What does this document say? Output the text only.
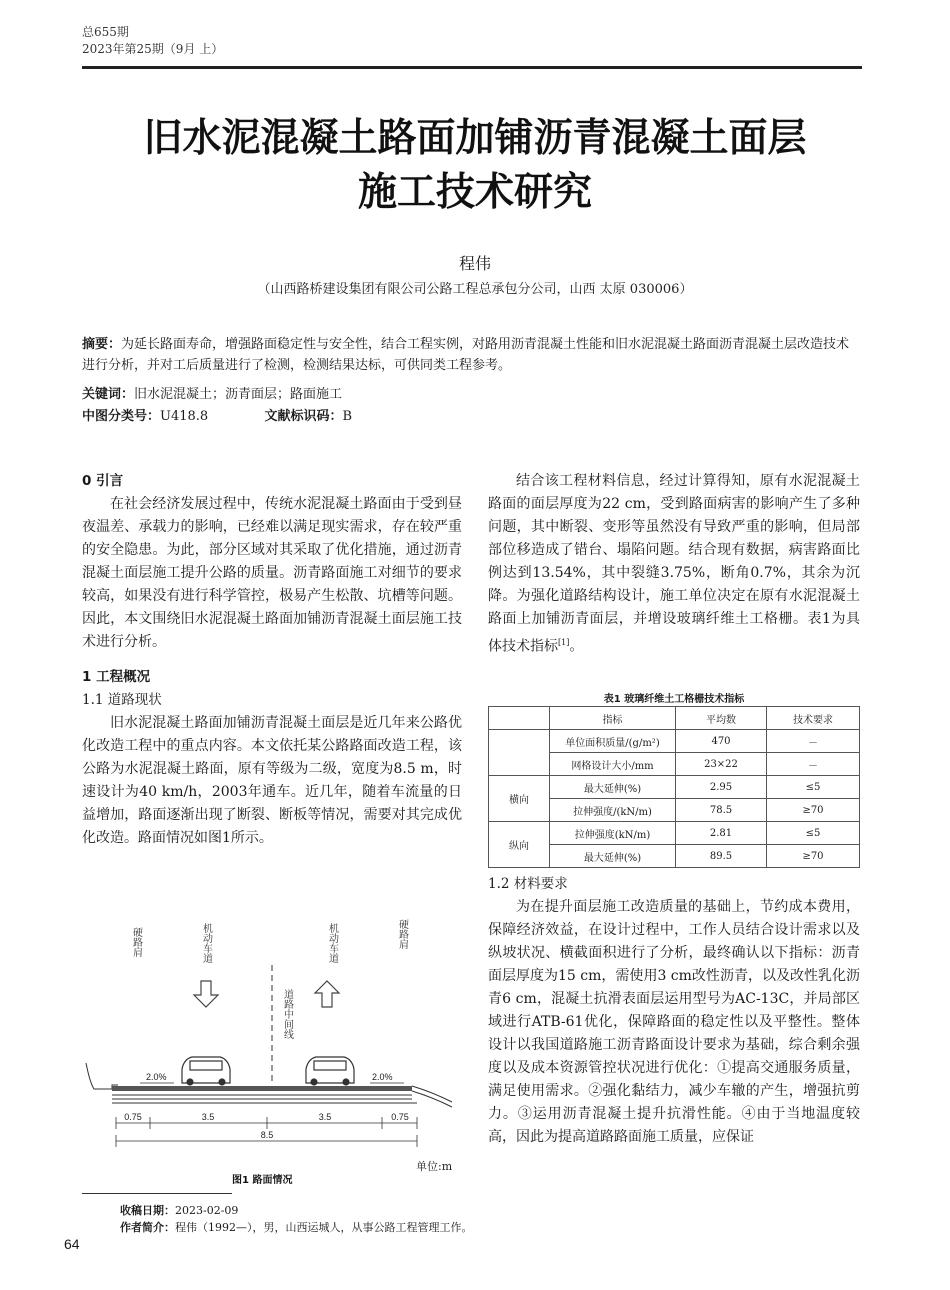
总655期
2023年第25期（9月 上）
旧水泥混凝土路面加铺沥青混凝土面层
施工技术研究
程伟
（山西路桥建设集团有限公司公路工程总承包分公司，山西 太原 030006）
摘要：为延长路面寿命，增强路面稳定性与安全性，结合工程实例，对路用沥青混凝土性能和旧水泥混凝土路面沥青混凝土层改造技术进行分析，并对工后质量进行了检测，检测结果达标，可供同类工程参考。
关键词：旧水泥混凝土；沥青面层；路面施工
中图分类号：U418.8	文献标识码：B
0 引言

在社会经济发展过程中，传统水泥混凝土路面由于受到昼夜温差、承载力的影响，已经难以满足现实需求，存在较严重的安全隐患。为此，部分区域对其采取了优化措施，通过沥青混凝土面层施工提升公路的质量。沥青路面施工对细节的要求较高，如果没有进行科学管控，极易产生松散、坑槽等问题。因此，本文围绕旧水泥混凝土路面加铺沥青混凝土面层施工技术进行分析。

1 工程概况
1.1 道路现状

旧水泥混凝土路面加铺沥青混凝土面层是近几年来公路优化改造工程中的重点内容。本文依托某公路路面改造工程，该公路为水泥混凝土路面，原有等级为二级，宽度为8.5 m，时速设计为40 km/h，2003年通车。近几年，随着车流量的日益增加，路面逐渐出现了断裂、断板等情况，需要对其完成优化改造。路面情况如图1所示。

硬路肩	机动车道	机动车道	硬路肩
道路中间线
2.0%	2.0%
0.75	3.5	3.5	0.75
8.5
单位:m
图1 路面情况

结合该工程材料信息，经过计算得知，原有水泥混凝土路面的面层厚度为22 cm，受到路面病害的影响产生了多种问题，其中断裂、变形等虽然没有导致严重的影响，但局部部位移造成了错台、塌陷问题。结合现有数据，病害路面比例达到13.54%，其中裂缝3.75%，断角0.7%，其余为沉降。为强化道路结构设计，施工单位决定在原有水泥混凝土路面上加铺沥青面层，并增设玻璃纤维土工格栅。表1为具体技术指标[1]。

表1 玻璃纤维土工格栅技术指标
	指标	平均数	技术要求
	单位面积质量/(g/m²)	470	－
	网格设计大小/mm	23×22	－
横向	最大延伸(%)	2.95	≤5
	拉伸强度/(kN/m)	78.5	≥70
纵向	拉伸强度(kN/m)	2.81	≤5
	最大延伸(%)	89.5	≥70
1.2 材料要求

为在提升面层施工改造质量的基础上，节约成本费用，保障经济效益，在设计过程中，工作人员结合设计需求以及纵坡状况、横截面积进行了分析，最终确认以下指标：沥青面层厚度为15 cm，需使用3 cm改性沥青，以及改性乳化沥青6 cm，混凝土抗滑表面层运用型号为AC-13C，并局部区域进行ATB-61优化，保障路面的稳定性以及平整性。整体设计以我国道路施工沥青路面设计要求为基础，综合剩余强度以及成本资源管控状况进行优化：①提高交通服务质量，满足使用需求。②强化黏结力，减少车辙的产生，增强抗剪力。③运用沥青混凝土提升抗滑性能。④由于当地温度较高，因此为提高道路路面施工质量，应保证

收稿日期：2023-02-09
作者简介：程伟（1992—），男，山西运城人，从事公路工程管理工作。
64
